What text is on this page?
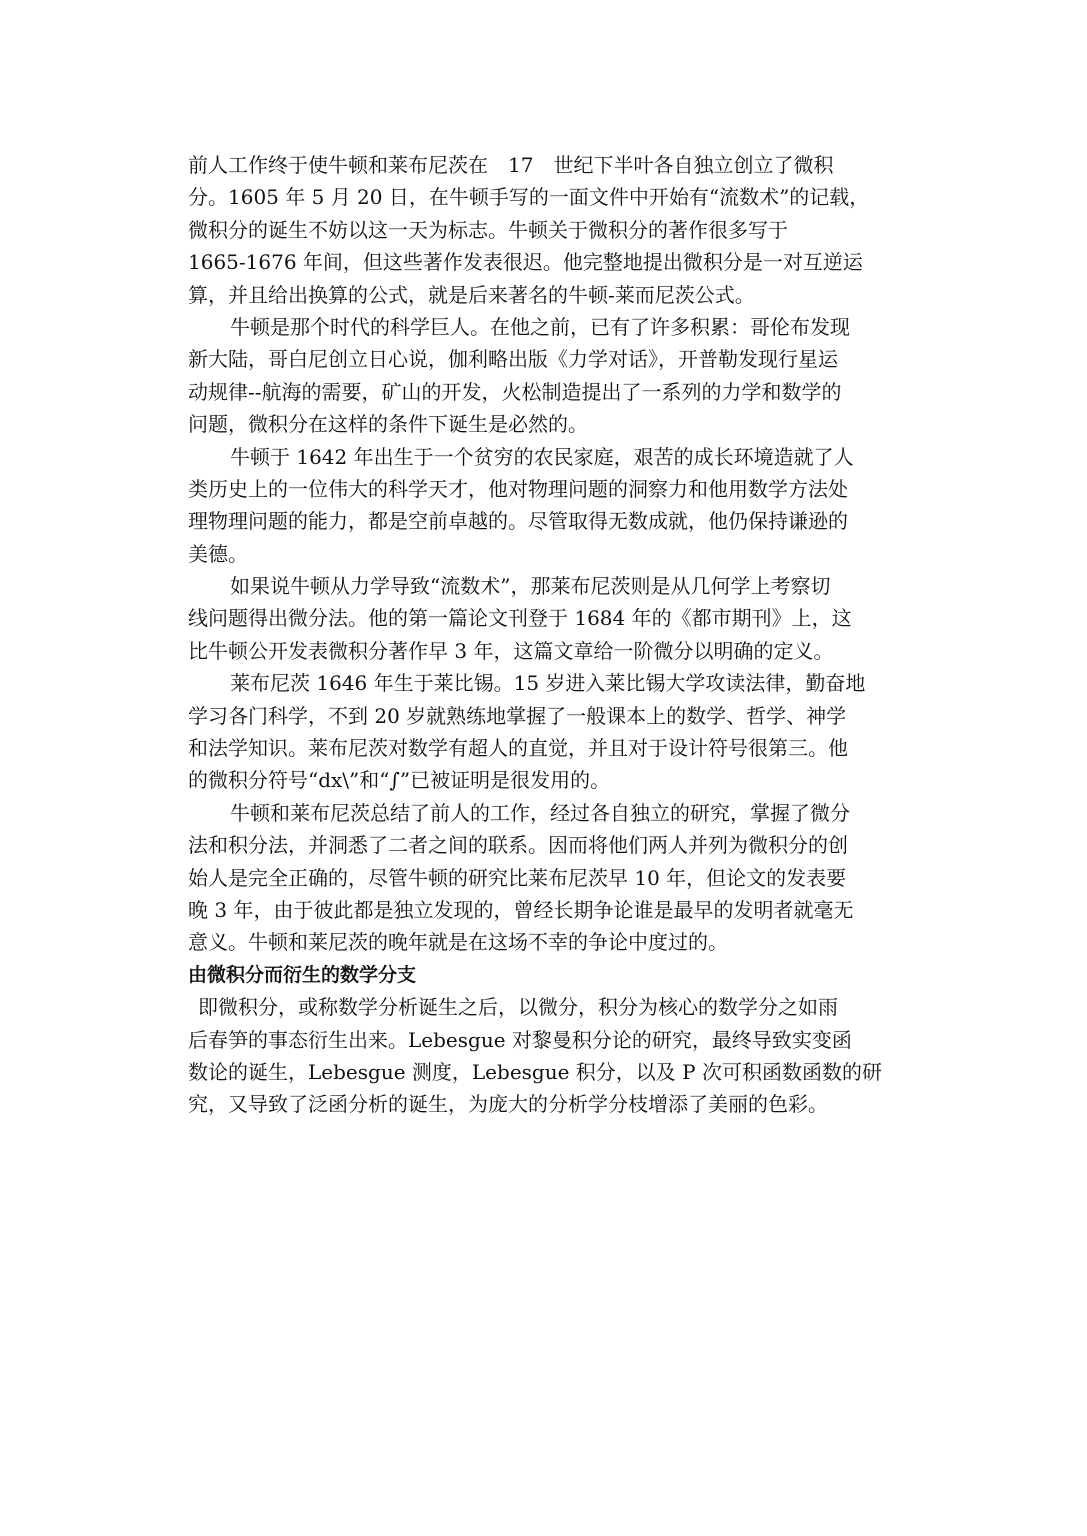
前人工作终于使牛顿和莱布尼茨在　17　世纪下半叶各自独立创立了微积
分。1605 年 5 月 20 日，在牛顿手写的一面文件中开始有“流数术”的记载，
微积分的诞生不妨以这一天为标志。牛顿关于微积分的著作很多写于
1665-1676 年间，但这些著作发表很迟。他完整地提出微积分是一对互逆运
算，并且给出换算的公式，就是后来著名的牛顿-莱而尼茨公式。
牛顿是那个时代的科学巨人。在他之前，已有了许多积累：哥伦布发现
新大陆，哥白尼创立日心说，伽利略出版《力学对话》，开普勒发现行星运
动规律--航海的需要，矿山的开发，火松制造提出了一系列的力学和数学的
问题，微积分在这样的条件下诞生是必然的。
牛顿于 1642 年出生于一个贫穷的农民家庭，艰苦的成长环境造就了人
类历史上的一位伟大的科学天才，他对物理问题的洞察力和他用数学方法处
理物理问题的能力，都是空前卓越的。尽管取得无数成就，他仍保持谦逊的
美德。
如果说牛顿从力学导致“流数术”，那莱布尼茨则是从几何学上考察切
线问题得出微分法。他的第一篇论文刊登于 1684 年的《都市期刊》上，这
比牛顿公开发表微积分著作早 3 年，这篇文章给一阶微分以明确的定义。
莱布尼茨 1646 年生于莱比锡。15 岁进入莱比锡大学攻读法律，勤奋地
学习各门科学，不到 20 岁就熟练地掌握了一般课本上的数学、哲学、神学
和法学知识。莱布尼茨对数学有超人的直觉，并且对于设计符号很第三。他
的微积分符号“dx\”和“∫”已被证明是很发用的。
牛顿和莱布尼茨总结了前人的工作，经过各自独立的研究，掌握了微分
法和积分法，并洞悉了二者之间的联系。因而将他们两人并列为微积分的创
始人是完全正确的，尽管牛顿的研究比莱布尼茨早 10 年，但论文的发表要
晚 3 年，由于彼此都是独立发现的，曾经长期争论谁是最早的发明者就毫无
意义。牛顿和莱尼茨的晚年就是在这场不幸的争论中度过的。
由微积分而衍生的数学分支
即微积分，或称数学分析诞生之后，以微分，积分为核心的数学分之如雨
后春笋的事态衍生出来。Lebesgue 对黎曼积分论的研究，最终导致实变函
数论的诞生，Lebesgue 测度，Lebesgue 积分，以及 P 次可积函数函数的研
究，又导致了泛函分析的诞生，为庞大的分析学分枝增添了美丽的色彩。
